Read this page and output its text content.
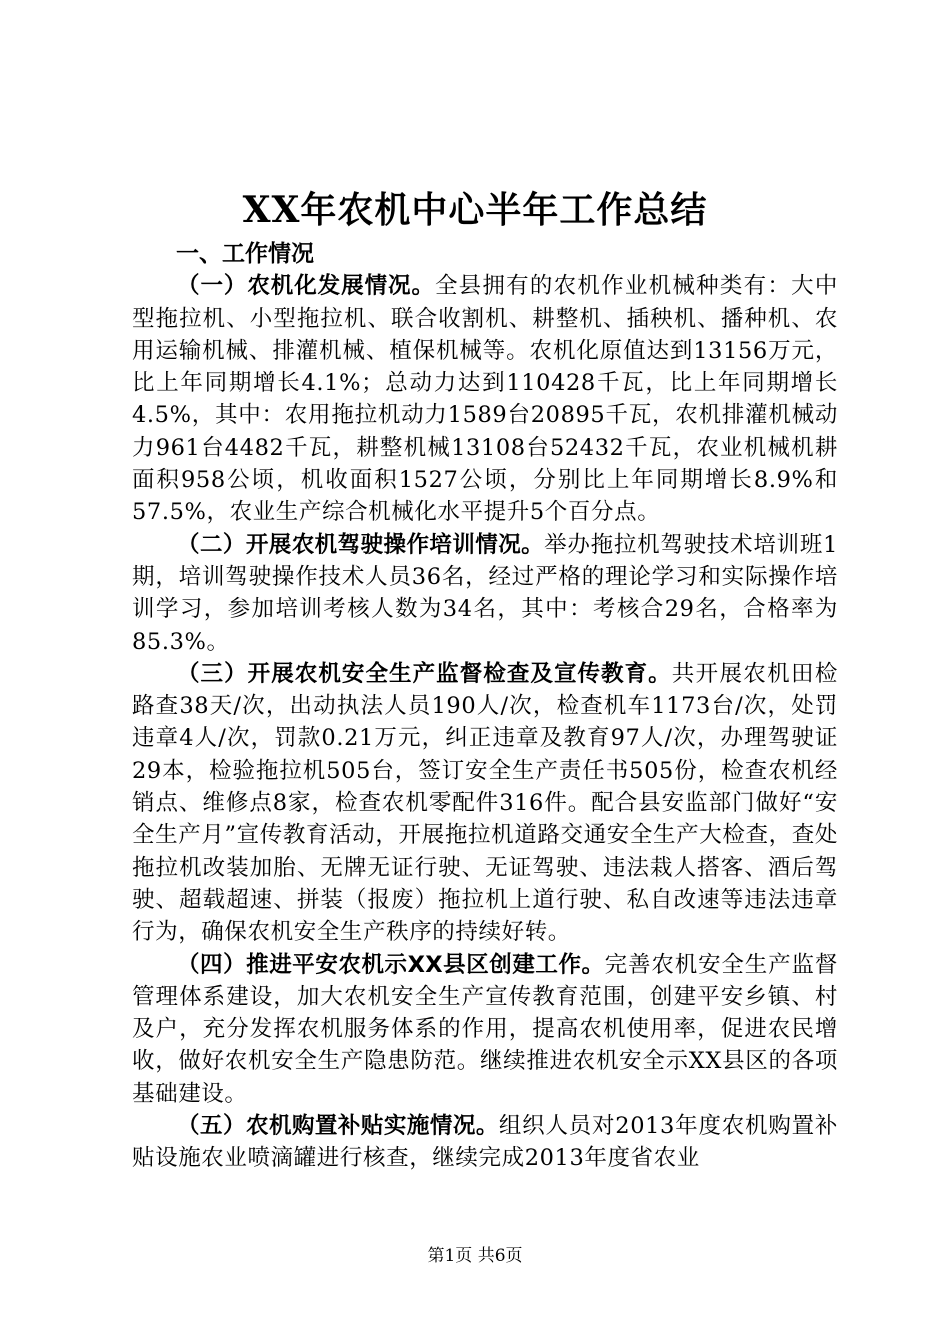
XX年农机中心半年工作总结

一、工作情况

（一）农机化发展情况。全县拥有的农机作业机械种类有：大中型拖拉机、小型拖拉机、联合收割机、耕整机、插秧机、播种机、农用运输机械、排灌机械、植保机械等。农机化原值达到13156万元，比上年同期增长4.1%；总动力达到110428千瓦，比上年同期增长4.5%，其中：农用拖拉机动力1589台20895千瓦，农机排灌机械动力961台4482千瓦，耕整机械13108台52432千瓦，农业机械机耕面积958公顷，机收面积1527公顷，分别比上年同期增长8.9%和57.5%，农业生产综合机械化水平提升5个百分点。

（二）开展农机驾驶操作培训情况。举办拖拉机驾驶技术培训班1期，培训驾驶操作技术人员36名，经过严格的理论学习和实际操作培训学习，参加培训考核人数为34名，其中：考核合29名，合格率为85.3%。

（三）开展农机安全生产监督检查及宣传教育。共开展农机田检路查38天/次，出动执法人员190人/次，检查机车1173台/次，处罚违章4人/次，罚款0.21万元，纠正违章及教育97人/次，办理驾驶证29本，检验拖拉机505台，签订安全生产责任书505份，检查农机经销点、维修点8家，检查农机零配件316件。配合县安监部门做好“安全生产月”宣传教育活动，开展拖拉机道路交通安全生产大检查，查处拖拉机改装加胎、无牌无证行驶、无证驾驶、违法栽人搭客、酒后驾驶、超载超速、拼装（报废）拖拉机上道行驶、私自改速等违法违章行为，确保农机安全生产秩序的持续好转。

（四）推进平安农机示XX县区创建工作。完善农机安全生产监督管理体系建设，加大农机安全生产宣传教育范围，创建平安乡镇、村及户，充分发挥农机服务体系的作用，提高农机使用率，促进农民增收，做好农机安全生产隐患防范。继续推进农机安全示XX县区的各项基础建设。

（五）农机购置补贴实施情况。组织人员对2013年度农机购置补贴设施农业喷滴罐进行核查，继续完成2013年度省农业

第1页 共6页
